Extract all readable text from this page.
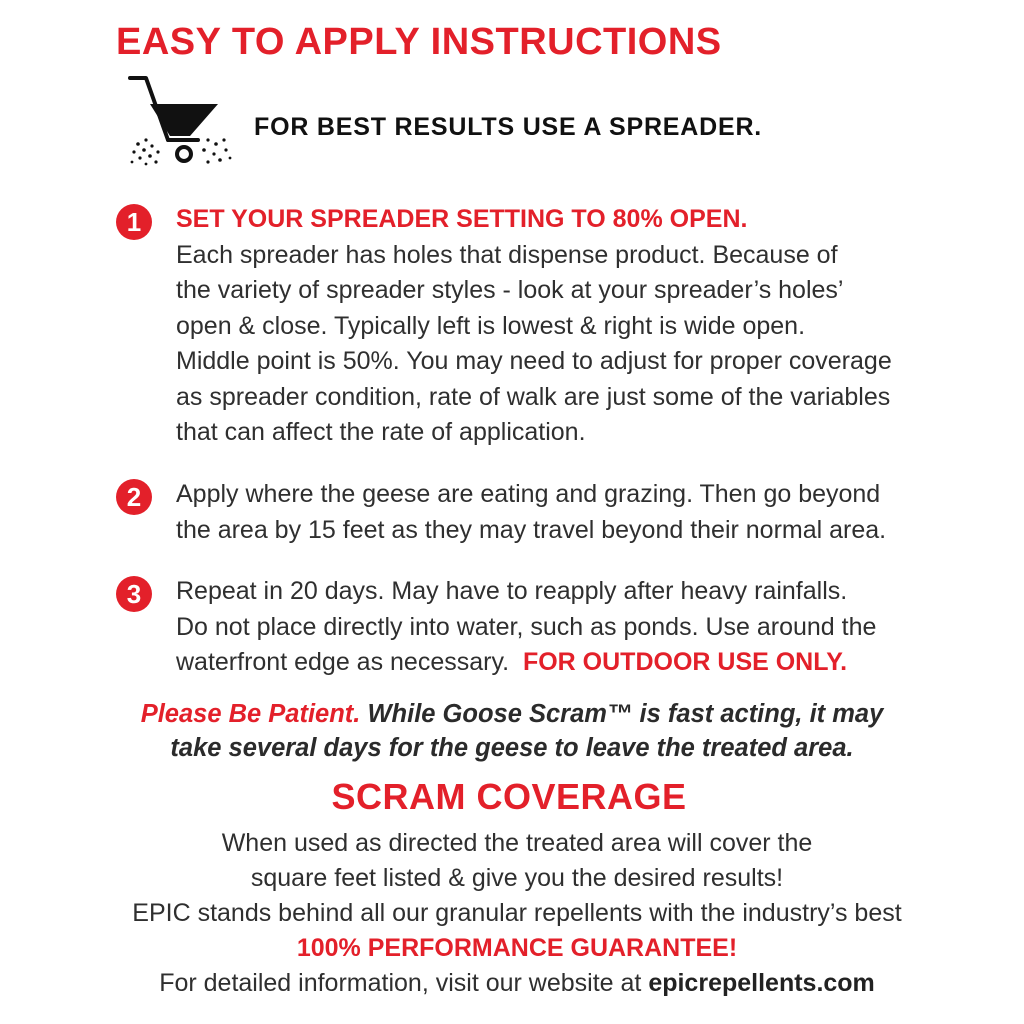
EASY TO APPLY INSTRUCTIONS
FOR BEST RESULTS USE A SPREADER.
1	SET YOUR SPREADER SETTING TO 80% OPEN.
Each spreader has holes that dispense product. Because of
the variety of spreader styles - look at your spreader’s holes’
open & close. Typically left is lowest & right is wide open.
Middle point is 50%. You may need to adjust for proper coverage
as spreader condition, rate of walk are just some of the variables
that can affect the rate of application.
2	Apply where the geese are eating and grazing. Then go beyond
the area by 15 feet as they may travel beyond their normal area.
3	Repeat in 20 days. May have to reapply after heavy rainfalls.
Do not place directly into water, such as ponds. Use around the
waterfront edge as necessary. FOR OUTDOOR USE ONLY.
Please Be Patient. While Goose Scram™ is fast acting, it may
take several days for the geese to leave the treated area.
SCRAM COVERAGE
When used as directed the treated area will cover the
square feet listed & give you the desired results!
EPIC stands behind all our granular repellents with the industry’s best
100% PERFORMANCE GUARANTEE!
For detailed information, visit our website at epicrepellents.com
